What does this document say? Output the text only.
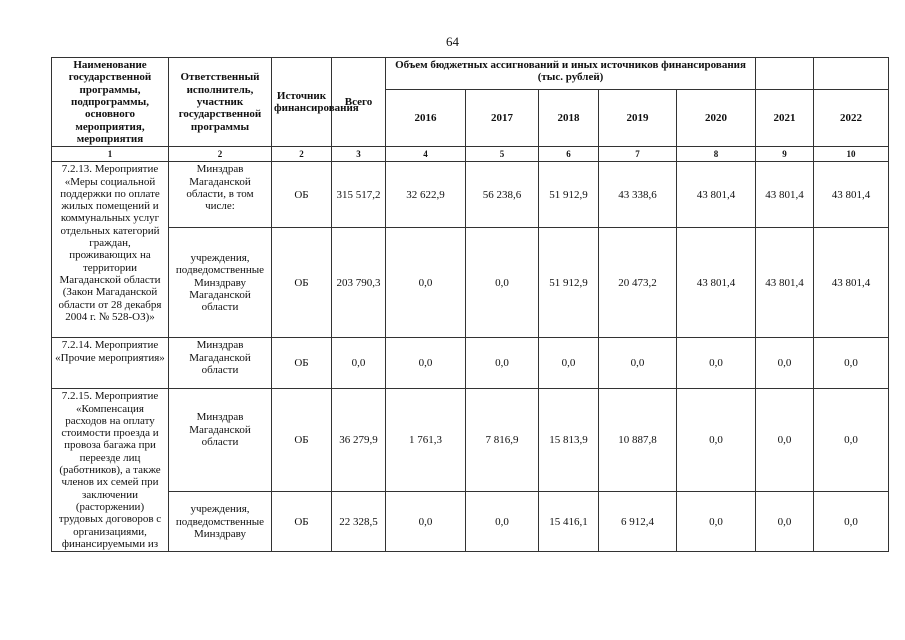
64
Наименование государственной программы, подпрограммы, основного мероприятия, мероприятия	Ответственный исполнитель, участник государственной программы	Источник финансирования	Всего	Объем бюджетных ассигнований и иных источников финансирования (тыс. рублей)						
				2016	2017	2018	2019	2020	2021	2022
1	2	2	3	4	5	6	7	8	9	10
7.2.13. Мероприятие «Меры социальной поддержки по оплате жилых помещений и коммунальных услуг отдельных категорий граждан, проживающих на территории Магаданской области (Закон Магаданской области от 28 декабря 2004 г. № 528-ОЗ)»	Минздрав Магаданской области, в том числе:	ОБ	315 517,2	32 622,9	56 238,6	51 912,9	43 338,6	43 801,4	43 801,4	43 801,4
	учреждения, подведомственные Минздраву Магаданской области	ОБ	203 790,3	0,0	0,0	51 912,9	20 473,2	43 801,4	43 801,4	43 801,4
7.2.14. Мероприятие «Прочие мероприятия»	Минздрав Магаданской области	ОБ	0,0	0,0	0,0	0,0	0,0	0,0	0,0	0,0
7.2.15. Мероприятие «Компенсация расходов на оплату стоимости проезда и провоза багажа при переезде лиц (работников), а также членов их семей при заключении (расторжении) трудовых договоров с организациями, финансируемыми из	Минздрав Магаданской области	ОБ	36 279,9	1 761,3	7 816,9	15 813,9	10 887,8	0,0	0,0	0,0
	учреждения, подведомственные Минздраву	ОБ	22 328,5	0,0	0,0	15 416,1	6 912,4	0,0	0,0	0,0
